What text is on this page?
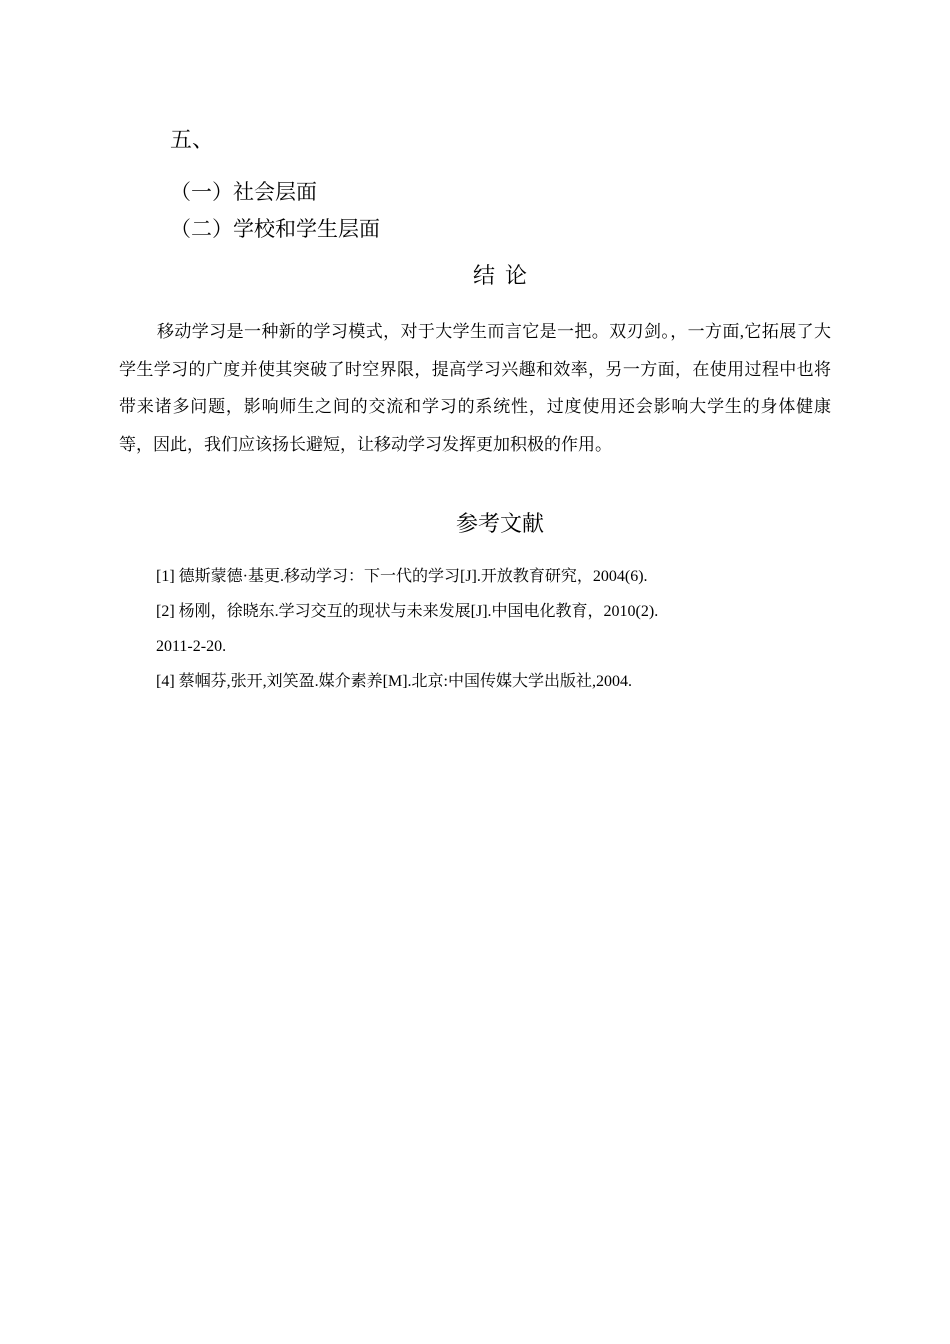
五、
（一）社会层面
（二）学校和学生层面
结论

移动学习是一种新的学习模式，对于大学生而言它是一把。双刃剑。，一方面,它拓展了大学生学习的广度并使其突破了时空界限，提高学习兴趣和效率，另一方面，在使用过程中也将带来诸多问题，影响师生之间的交流和学习的系统性，过度使用还会影响大学生的身体健康等，因此，我们应该扬长避短，让移动学习发挥更加积极的作用。

参考文献
[1] 德斯蒙德·基更.移动学习：下一代的学习[J].开放教育研究，2004(6).
[2] 杨刚，徐晓东.学习交互的现状与未来发展[J].中国电化教育，2010(2).
2011-2-20.
[4] 蔡帼芬,张开,刘笑盈.媒介素养[M].北京:中国传媒大学出版社,2004.
